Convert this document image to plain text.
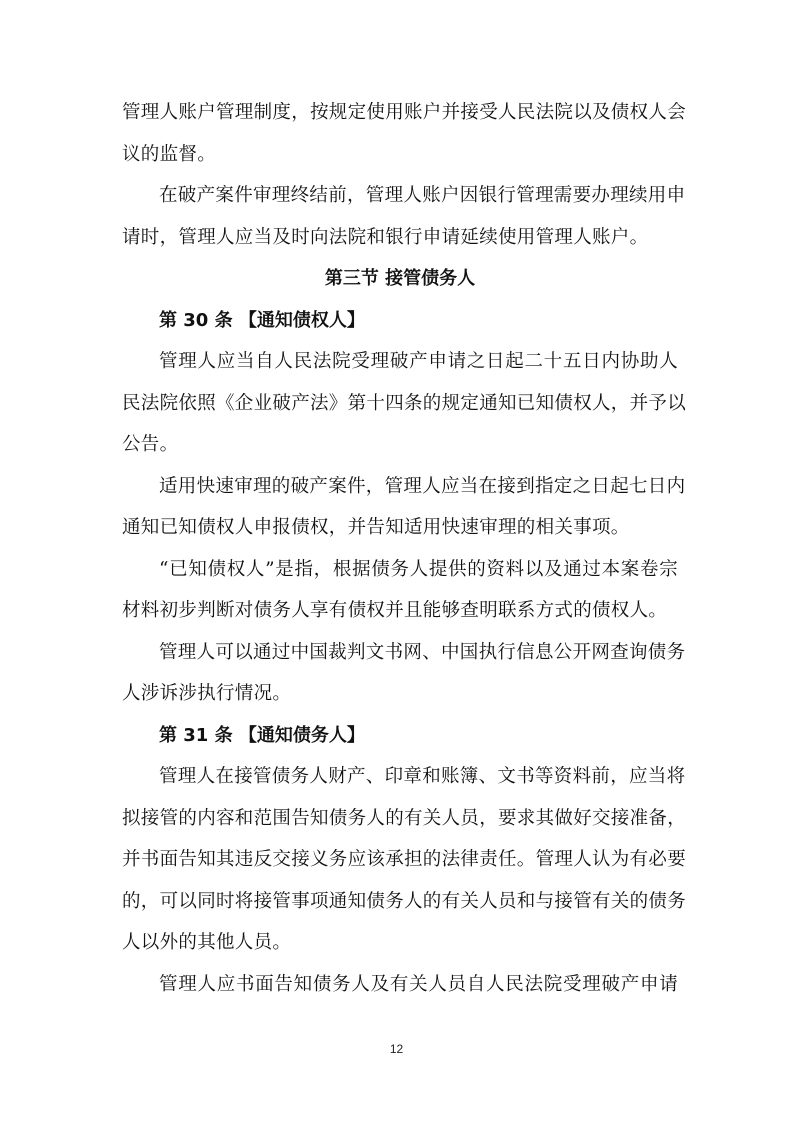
管理人账户管理制度，按规定使用账户并接受人民法院以及债权人会
议的监督。
在破产案件审理终结前，管理人账户因银行管理需要办理续用申
请时，管理人应当及时向法院和银行申请延续使用管理人账户。
第三节 接管债务人
第 30 条 【通知债权人】
管理人应当自人民法院受理破产申请之日起二十五日内协助人
民法院依照《企业破产法》第十四条的规定通知已知债权人，并予以
公告。
适用快速审理的破产案件，管理人应当在接到指定之日起七日内
通知已知债权人申报债权，并告知适用快速审理的相关事项。
“已知债权人”是指，根据债务人提供的资料以及通过本案卷宗
材料初步判断对债务人享有债权并且能够查明联系方式的债权人。
管理人可以通过中国裁判文书网、中国执行信息公开网查询债务
人涉诉涉执行情况。
第 31 条 【通知债务人】
管理人在接管债务人财产、印章和账簿、文书等资料前，应当将
拟接管的内容和范围告知债务人的有关人员，要求其做好交接准备，
并书面告知其违反交接义务应该承担的法律责任。管理人认为有必要
的，可以同时将接管事项通知债务人的有关人员和与接管有关的债务
人以外的其他人员。
管理人应书面告知债务人及有关人员自人民法院受理破产申请
12
